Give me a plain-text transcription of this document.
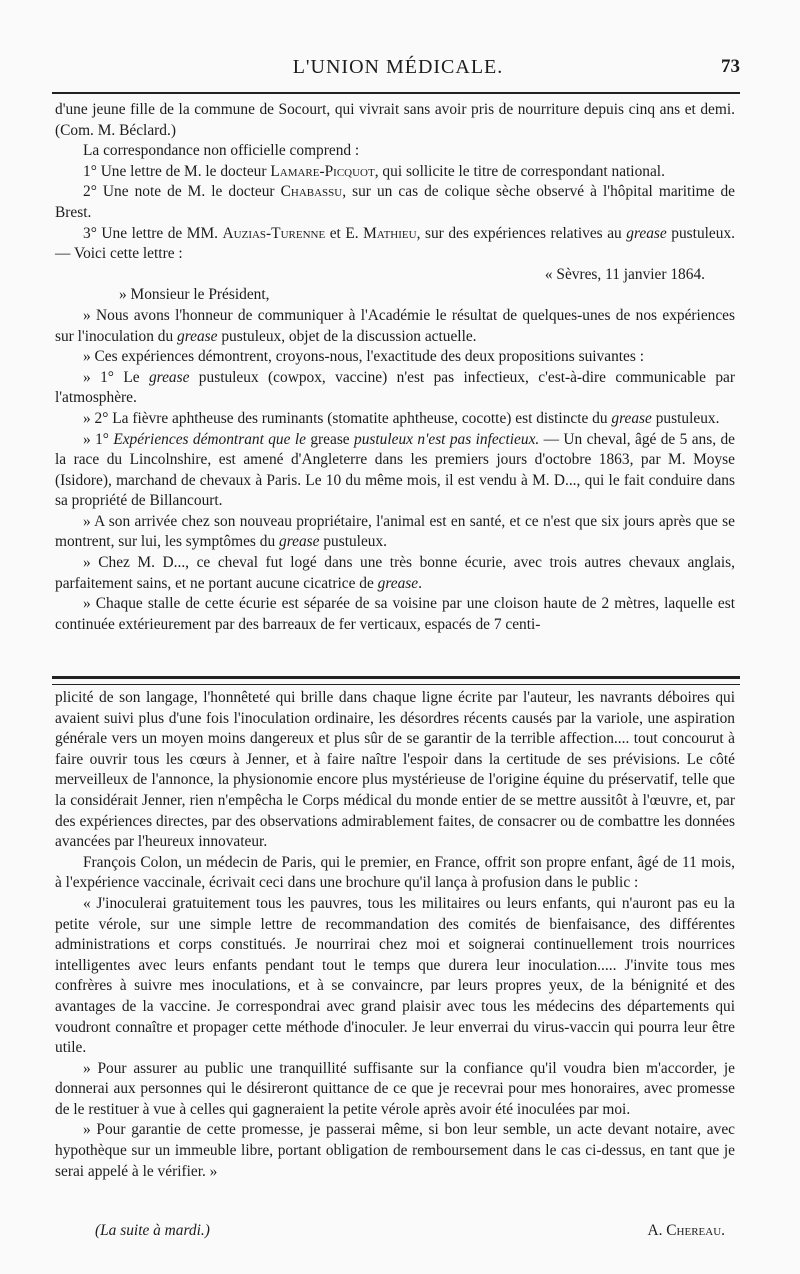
L'UNION MÉDICALE.	73

d'une jeune fille de la commune de Socourt, qui vivrait sans avoir pris de nourriture depuis cinq ans et demi. (Com. M. Béclard.)

La correspondance non officielle comprend :

1° Une lettre de M. le docteur Lamare-Picquot, qui sollicite le titre de correspondant national.

2° Une note de M. le docteur Chabassu, sur un cas de colique sèche observé à l'hôpital maritime de Brest.

3° Une lettre de MM. Auzias-Turenne et E. Mathieu, sur des expériences relatives au grease pustuleux. — Voici cette lettre :

« Sèvres, 11 janvier 1864.

» Monsieur le Président,

» Nous avons l'honneur de communiquer à l'Académie le résultat de quelques-unes de nos expériences sur l'inoculation du grease pustuleux, objet de la discussion actuelle.

» Ces expériences démontrent, croyons-nous, l'exactitude des deux propositions suivantes :

» 1° Le grease pustuleux (cowpox, vaccine) n'est pas infectieux, c'est-à-dire communicable par l'atmosphère.

» 2° La fièvre aphtheuse des ruminants (stomatite aphtheuse, cocotte) est distincte du grease pustuleux.

» 1° Expériences démontrant que le grease pustuleux n'est pas infectieux. — Un cheval, âgé de 5 ans, de la race du Lincolnshire, est amené d'Angleterre dans les premiers jours d'octobre 1863, par M. Moyse (Isidore), marchand de chevaux à Paris. Le 10 du même mois, il est vendu à M. D..., qui le fait conduire dans sa propriété de Billancourt.

» A son arrivée chez son nouveau propriétaire, l'animal est en santé, et ce n'est que six jours après que se montrent, sur lui, les symptômes du grease pustuleux.

» Chez M. D..., ce cheval fut logé dans une très bonne écurie, avec trois autres chevaux anglais, parfaitement sains, et ne portant aucune cicatrice de grease.

» Chaque stalle de cette écurie est séparée de sa voisine par une cloison haute de 2 mètres, laquelle est continuée extérieurement par des barreaux de fer verticaux, espacés de 7 centi-

plicité de son langage, l'honnêteté qui brille dans chaque ligne écrite par l'auteur, les navrants déboires qui avaient suivi plus d'une fois l'inoculation ordinaire, les désordres récents causés par la variole, une aspiration générale vers un moyen moins dangereux et plus sûr de se garantir de la terrible affection.... tout concourut à faire ouvrir tous les cœurs à Jenner, et à faire naître l'espoir dans la certitude de ses prévisions. Le côté merveilleux de l'annonce, la physionomie encore plus mystérieuse de l'origine équine du préservatif, telle que la considérait Jenner, rien n'empêcha le Corps médical du monde entier de se mettre aussitôt à l'œuvre, et, par des expériences directes, par des observations admirablement faites, de consacrer ou de combattre les données avancées par l'heureux innovateur.

François Colon, un médecin de Paris, qui le premier, en France, offrit son propre enfant, âgé de 11 mois, à l'expérience vaccinale, écrivait ceci dans une brochure qu'il lança à profusion dans le public :

« J'inoculerai gratuitement tous les pauvres, tous les militaires ou leurs enfants, qui n'auront pas eu la petite vérole, sur une simple lettre de recommandation des comités de bienfaisance, des différentes administrations et corps constitués. Je nourrirai chez moi et soignerai continuellement trois nourrices intelligentes avec leurs enfants pendant tout le temps que durera leur inoculation..... J'invite tous mes confrères à suivre mes inoculations, et à se convaincre, par leurs propres yeux, de la bénignité et des avantages de la vaccine. Je correspondrai avec grand plaisir avec tous les médecins des départements qui voudront connaître et propager cette méthode d'inoculer. Je leur enverrai du virus-vaccin qui pourra leur être utile.

» Pour assurer au public une tranquillité suffisante sur la confiance qu'il voudra bien m'accorder, je donnerai aux personnes qui le désireront quittance de ce que je recevrai pour mes honoraires, avec promesse de le restituer à vue à celles qui gagneraient la petite vérole après avoir été inoculées par moi.

» Pour garantie de cette promesse, je passerai même, si bon leur semble, un acte devant notaire, avec hypothèque sur un immeuble libre, portant obligation de remboursement dans le cas ci-dessus, en tant que je serai appelé à le vérifier. »

(La suite à mardi.)	A. Chereau.
